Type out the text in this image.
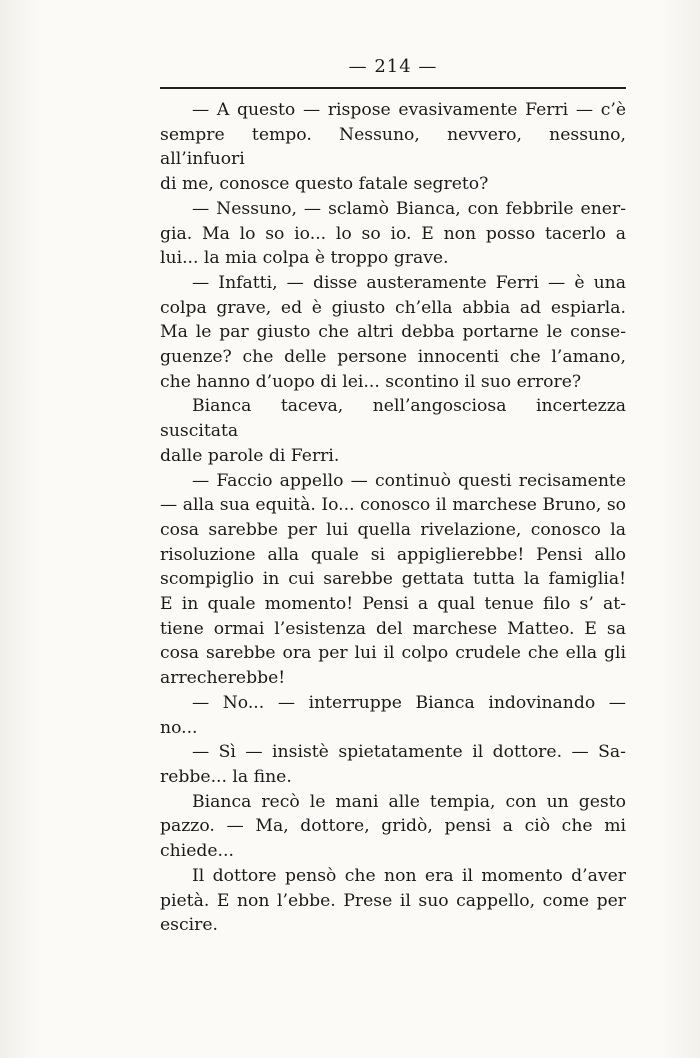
— 214 —

— A questo — rispose evasivamente Ferri — c’è

sempre tempo. Nessuno, nevvero, nessuno, all’infuori

di me, conosce questo fatale segreto?

— Nessuno, — sclamò Bianca, con febbrile ener-

gia. Ma lo so io... lo so io. E non posso tacerlo a

lui... la mia colpa è troppo grave.

— Infatti, — disse austeramente Ferri — è una

colpa grave, ed è giusto ch’ella abbia ad espiarla.

Ma le par giusto che altri debba portarne le conse-

guenze? che delle persone innocenti che l’amano,

che hanno d’uopo di lei... scontino il suo errore?

Bianca taceva, nell’angosciosa incertezza suscitata

dalle parole di Ferri.

— Faccio appello — continuò questi recisamente

— alla sua equità. Io... conosco il marchese Bruno, so

cosa sarebbe per lui quella rivelazione, conosco la

risoluzione alla quale si appiglierebbe! Pensi allo

scompiglio in cui sarebbe gettata tutta la famiglia!

E in quale momento! Pensi a qual tenue filo s’ at-

tiene ormai l’esistenza del marchese Matteo. E sa

cosa sarebbe ora per lui il colpo crudele che ella gli

arrecherebbe!

— No... — interruppe Bianca indovinando —

no...

— Sì — insistè spietatamente il dottore. — Sa-

rebbe... la fine.

Bianca recò le mani alle tempia, con un gesto

pazzo. — Ma, dottore, gridò, pensi a ciò che mi

chiede...

Il dottore pensò che non era il momento d’aver

pietà. E non l’ebbe. Prese il suo cappello, come per

escire.
